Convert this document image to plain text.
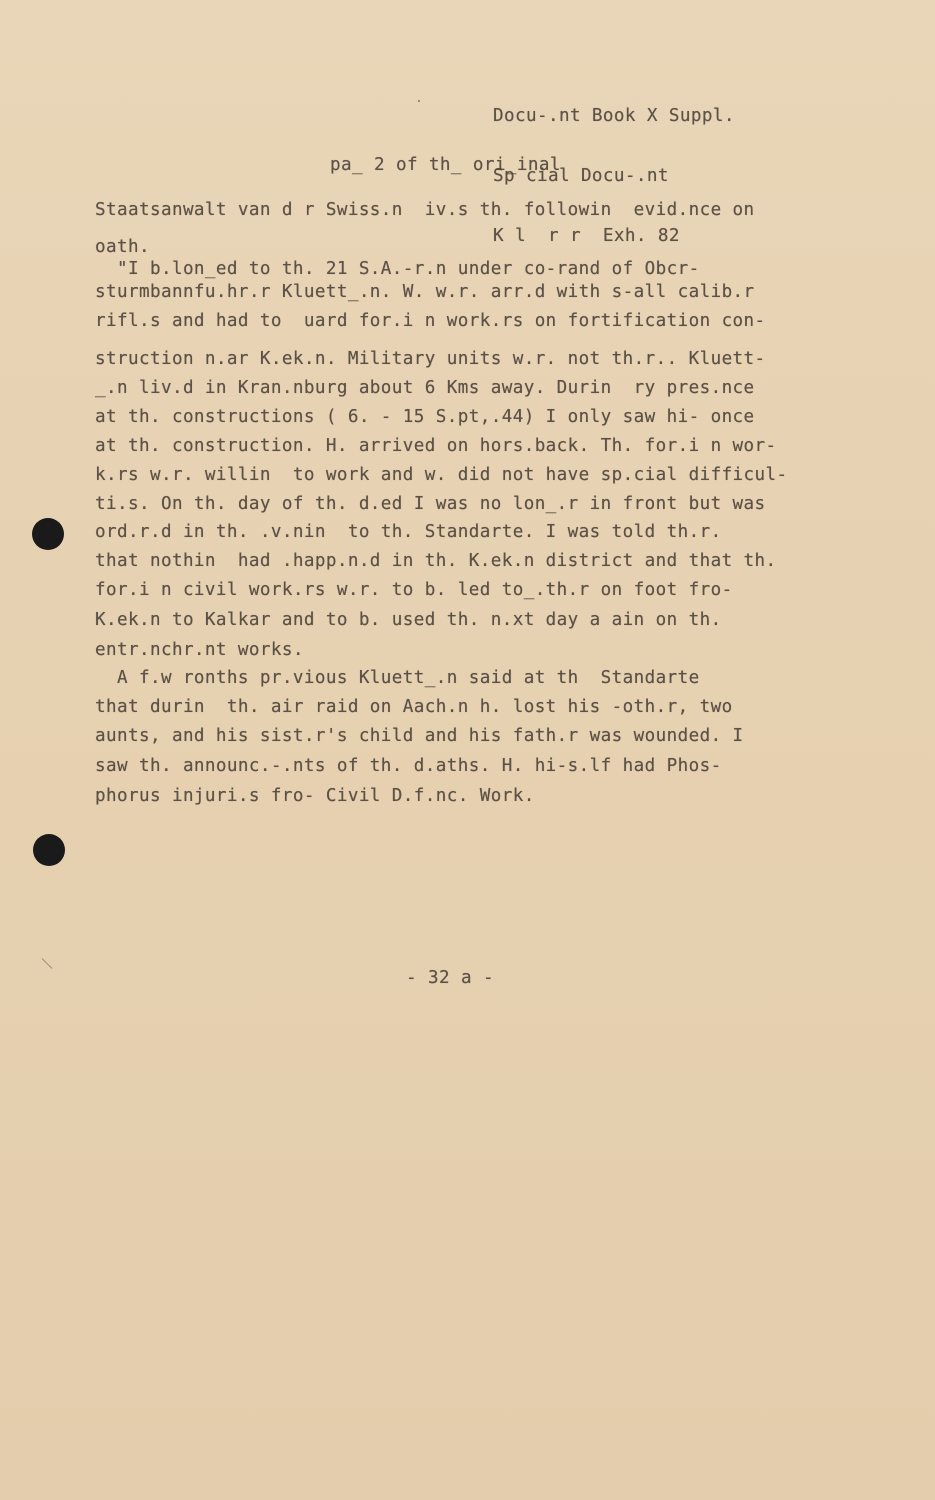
Docu-.nt Book X Suppl.

Sp cial Docu-.nt

K l  r r  Exh. 82

pa_ 2 of th_ ori_inal

Staatsanwalt van d r Swiss.n  iv.s th. followin  evid.nce on

oath.

"I b.lon_ed to th. 21 S.A.-r.n under co-rand of Obcr-

sturmbannfu.hr.r Kluett_.n. W. w.r. arr.d with s-all calib.r

rifl.s and had to  uard for.i n work.rs on fortification con-

struction n.ar K.ek.n. Military units w.r. not th.r.. Kluett-

_.n liv.d in Kran.nburg about 6 Kms away. Durin  ry pres.nce

at th. constructions ( 6. - 15 S.pt,.44) I only saw hi- once

at th. construction. H. arrived on hors.back. Th. for.i n wor-

k.rs w.r. willin  to work and w. did not have sp.cial difficul-

ti.s. On th. day of th. d.ed I was no lon_.r in front but was

ord.r.d in th. .v.nin  to th. Standarte. I was told th.r.

that nothin  had .happ.n.d in th. K.ek.n district and that th.

for.i n civil work.rs w.r. to b. led to_.th.r on foot fro-

K.ek.n to Kalkar and to b. used th. n.xt day a ain on th.

entr.nchr.nt works.

A f.w ronths pr.vious Kluett_.n said at th  Standarte

that durin  th. air raid on Aach.n h. lost his -oth.r, two

aunts, and his sist.r's child and his fath.r was wounded. I

saw th. announc.-.nts of th. d.aths. H. hi-s.lf had Phos-

phorus injuri.s fro- Civil D.f.nc. Work.

- 32 a -
